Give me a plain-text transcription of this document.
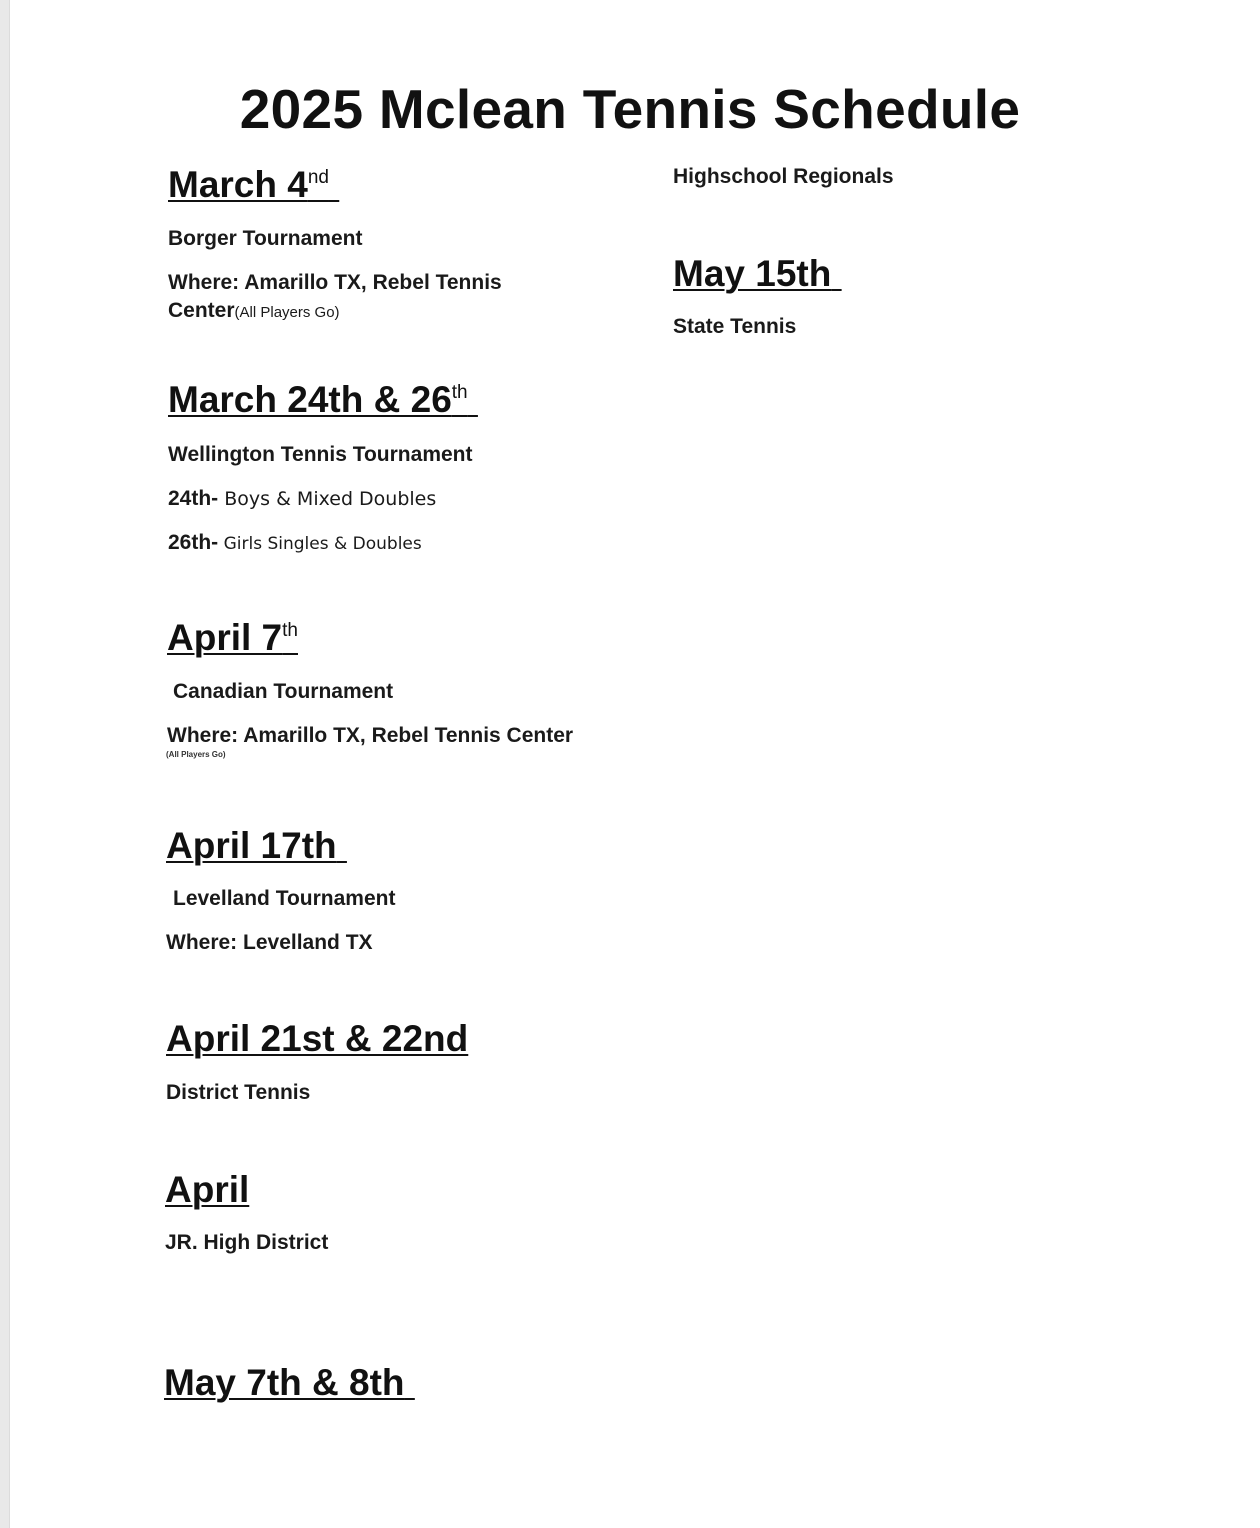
2025 Mclean Tennis Schedule
March 4nd
Borger Tournament
Where: Amarillo TX, Rebel Tennis
Center(All Players Go)
March 24th & 26th
Wellington Tennis Tournament
24th- Boys & Mixed Doubles
26th- Girls Singles & Doubles
April 7th
Canadian Tournament
Where: Amarillo TX, Rebel Tennis Center
(All Players Go)
April 17th
Levelland Tournament
Where: Levelland TX
April 21st & 22nd
District Tennis
April
JR. High District
May 7th & 8th
Highschool Regionals
May 15th
State Tennis
